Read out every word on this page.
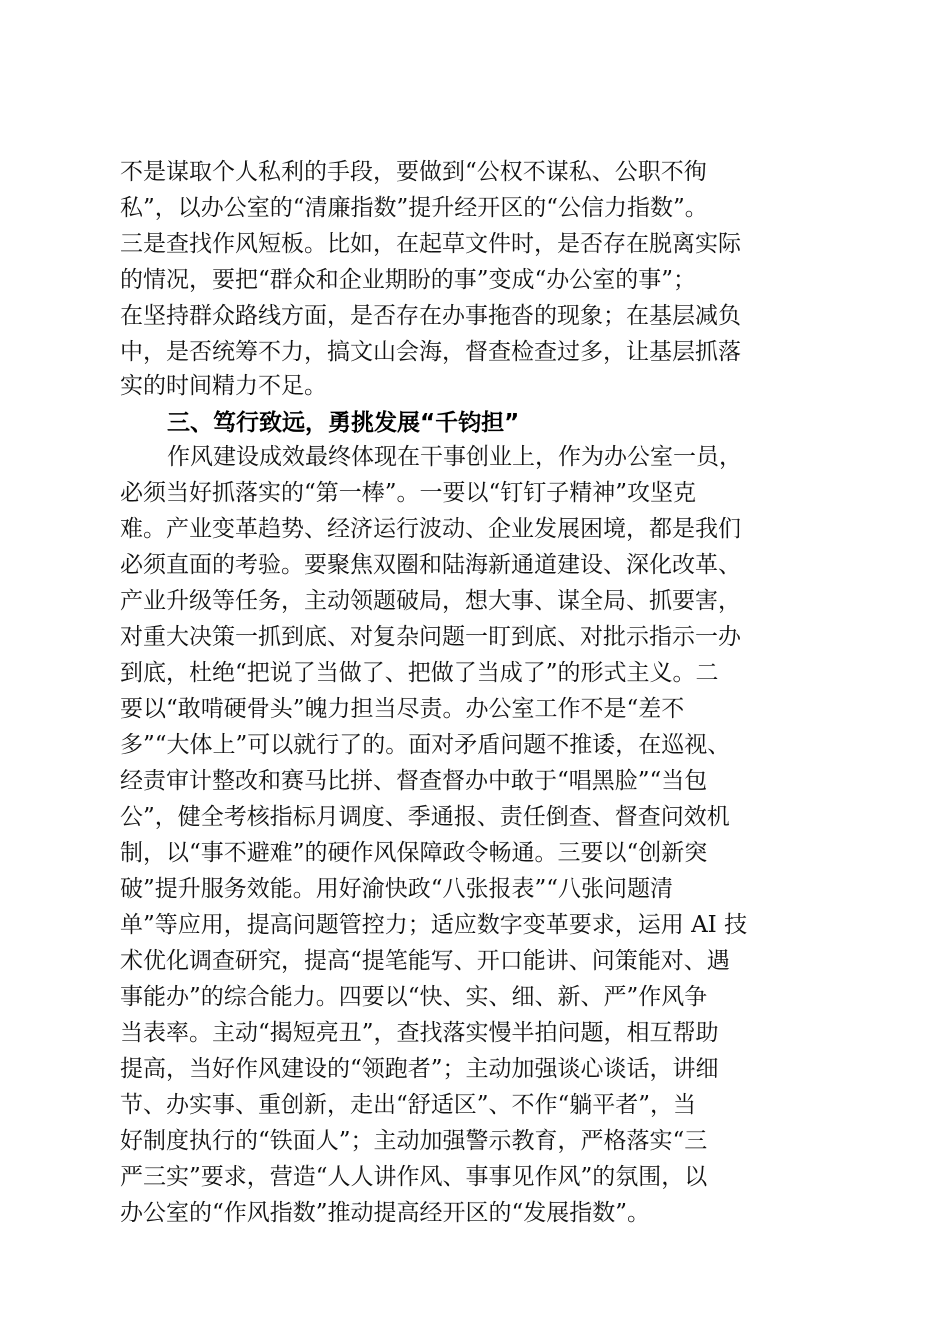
不是谋取个人私利的手段，要做到“公权不谋私、公职不徇
私”，以办公室的“清廉指数”提升经开区的“公信力指数”。
三是查找作风短板。比如，在起草文件时，是否存在脱离实际
的情况，要把“群众和企业期盼的事”变成“办公室的事”；
在坚持群众路线方面，是否存在办事拖沓的现象；在基层减负
中，是否统筹不力，搞文山会海，督查检查过多，让基层抓落
实的时间精力不足。
三、笃行致远，勇挑发展“千钧担”
作风建设成效最终体现在干事创业上，作为办公室一员，
必须当好抓落实的“第一棒”。一要以“钉钉子精神”攻坚克
难。产业变革趋势、经济运行波动、企业发展困境，都是我们
必须直面的考验。要聚焦双圈和陆海新通道建设、深化改革、
产业升级等任务，主动领题破局，想大事、谋全局、抓要害，
对重大决策一抓到底、对复杂问题一盯到底、对批示指示一办
到底，杜绝“把说了当做了、把做了当成了”的形式主义。二
要以“敢啃硬骨头”魄力担当尽责。办公室工作不是“差不
多”“大体上”可以就行了的。面对矛盾问题不推诿，在巡视、
经责审计整改和赛马比拼、督查督办中敢于“唱黑脸”“当包
公”，健全考核指标月调度、季通报、责任倒查、督查问效机
制，以“事不避难”的硬作风保障政令畅通。三要以“创新突
破”提升服务效能。用好渝快政“八张报表”“八张问题清
单”等应用，提高问题管控力；适应数字变革要求，运用 AI 技
术优化调查研究，提高“提笔能写、开口能讲、问策能对、遇
事能办”的综合能力。四要以“快、实、细、新、严”作风争
当表率。主动“揭短亮丑”，查找落实慢半拍问题，相互帮助
提高，当好作风建设的“领跑者”；主动加强谈心谈话，讲细
节、办实事、重创新，走出“舒适区”、不作“躺平者”，当
好制度执行的“铁面人”；主动加强警示教育，严格落实“三
严三实”要求，营造“人人讲作风、事事见作风”的氛围，以
办公室的“作风指数”推动提高经开区的“发展指数”。
